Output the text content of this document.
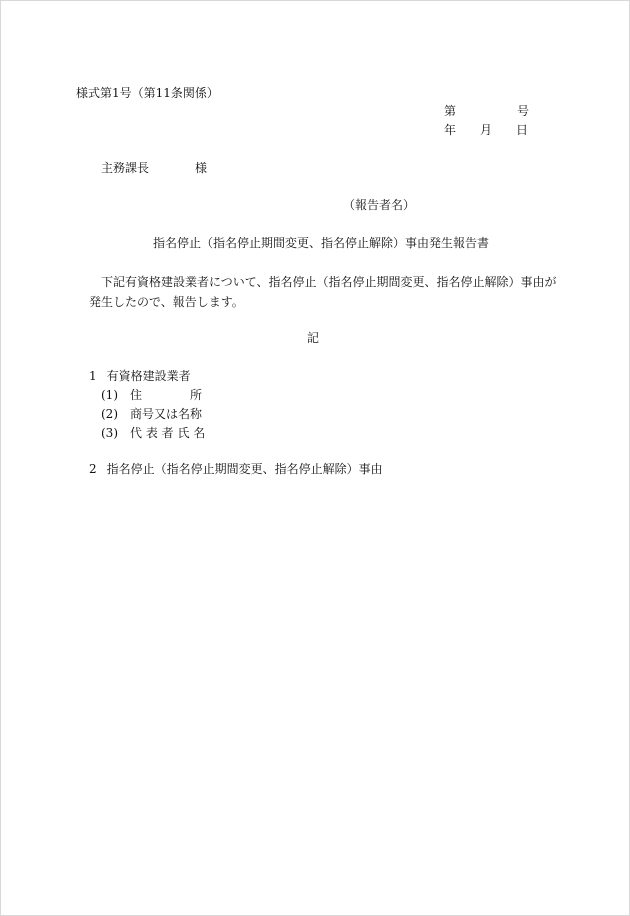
様式第1号（第11条関係）
第	号
年 月 日
主務課長	様
（報告者名）
指名停止（指名停止期間変更、指名停止解除）事由発生報告書
下記有資格建設業者について、指名停止（指名停止期間変更、指名停止解除）事由が発生したので、報告します。
記
1 有資格建設業者
(1) 住	所
(2) 商号又は名称
(3) 代 表 者 氏 名
2 指名停止（指名停止期間変更、指名停止解除）事由
